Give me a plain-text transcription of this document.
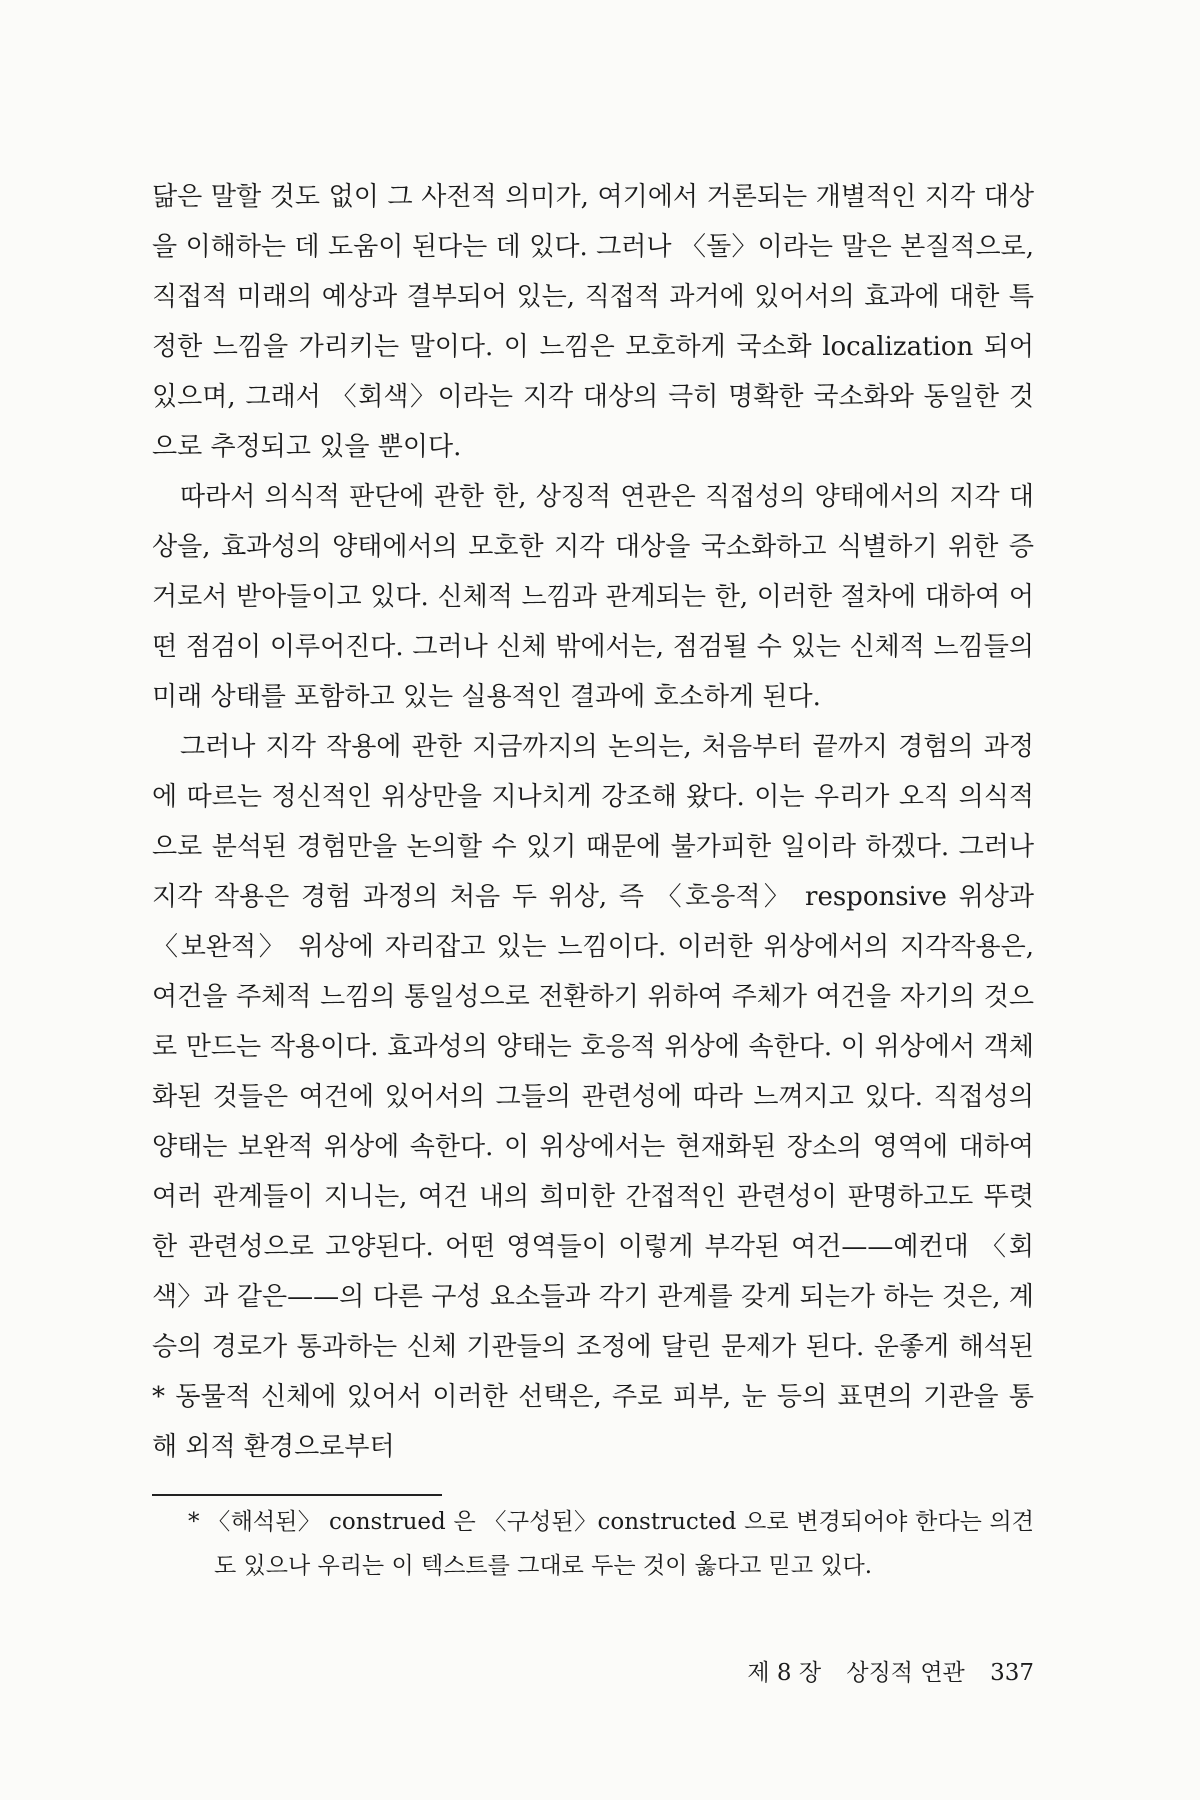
닮은 말할 것도 없이 그 사전적 의미가, 여기에서 거론되는 개별적인 지각 대상을 이해하는 데 도움이 된다는 데 있다. 그러나 〈돌〉이라는 말은 본질적으로, 직접적 미래의 예상과 결부되어 있는, 직접적 과거에 있어서의 효과에 대한 특정한 느낌을 가리키는 말이다. 이 느낌은 모호하게 국소화 localization 되어 있으며, 그래서 〈회색〉이라는 지각 대상의 극히 명확한 국소화와 동일한 것으로 추정되고 있을 뿐이다.

따라서 의식적 판단에 관한 한, 상징적 연관은 직접성의 양태에서의 지각 대상을, 효과성의 양태에서의 모호한 지각 대상을 국소화하고 식별하기 위한 증거로서 받아들이고 있다. 신체적 느낌과 관계되는 한, 이러한 절차에 대하여 어떤 점검이 이루어진다. 그러나 신체 밖에서는, 점검될 수 있는 신체적 느낌들의 미래 상태를 포함하고 있는 실용적인 결과에 호소하게 된다.

그러나 지각 작용에 관한 지금까지의 논의는, 처음부터 끝까지 경험의 과정에 따르는 정신적인 위상만을 지나치게 강조해 왔다. 이는 우리가 오직 의식적으로 분석된 경험만을 논의할 수 있기 때문에 불가피한 일이라 하겠다. 그러나 지각 작용은 경험 과정의 처음 두 위상, 즉 〈호응적〉 responsive 위상과 〈보완적〉 위상에 자리잡고 있는 느낌이다. 이러한 위상에서의 지각작용은, 여건을 주체적 느낌의 통일성으로 전환하기 위하여 주체가 여건을 자기의 것으로 만드는 작용이다. 효과성의 양태는 호응적 위상에 속한다. 이 위상에서 객체화된 것들은 여건에 있어서의 그들의 관련성에 따라 느껴지고 있다. 직접성의 양태는 보완적 위상에 속한다. 이 위상에서는 현재화된 장소의 영역에 대하여 여러 관계들이 지니는, 여건 내의 희미한 간접적인 관련성이 판명하고도 뚜렷한 관련성으로 고양된다. 어떤 영역들이 이렇게 부각된 여건——예컨대 〈회색〉과 같은——의 다른 구성 요소들과 각기 관계를 갖게 되는가 하는 것은, 계승의 경로가 통과하는 신체 기관들의 조정에 달린 문제가 된다. 운좋게 해석된* 동물적 신체에 있어서 이러한 선택은, 주로 피부, 눈 등의 표면의 기관을 통해 외적 환경으로부터

* 〈해석된〉 construed 은 〈구성된〉constructed 으로 변경되어야 한다는 의견도 있으나 우리는 이 텍스트를 그대로 두는 것이 옳다고 믿고 있다.

제 8 장 상징적 연관 337
